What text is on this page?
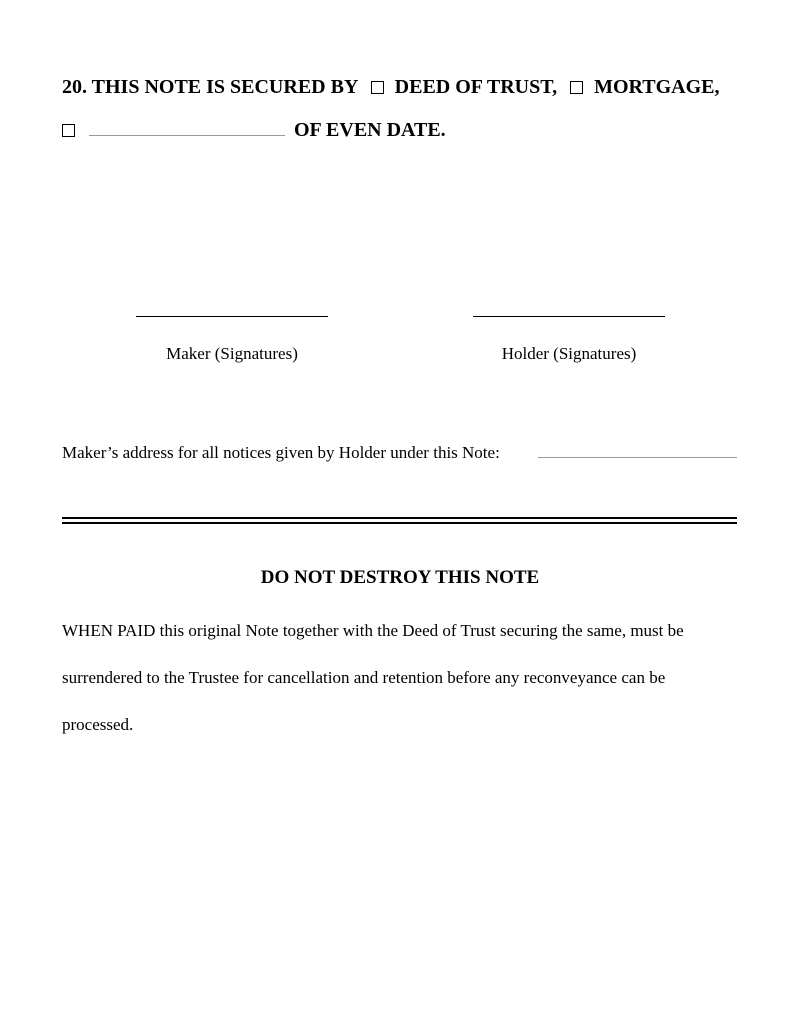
20. THIS NOTE IS SECURED BY DEED OF TRUST, MORTGAGE,
OF EVEN DATE.
Maker (Signatures)	Holder (Signatures)
Maker’s address for all notices given by Holder under this Note:
DO NOT DESTROY THIS NOTE
WHEN PAID this original Note together with the Deed of Trust securing the same, must be
surrendered to the Trustee for cancellation and retention before any reconveyance can be
processed.
